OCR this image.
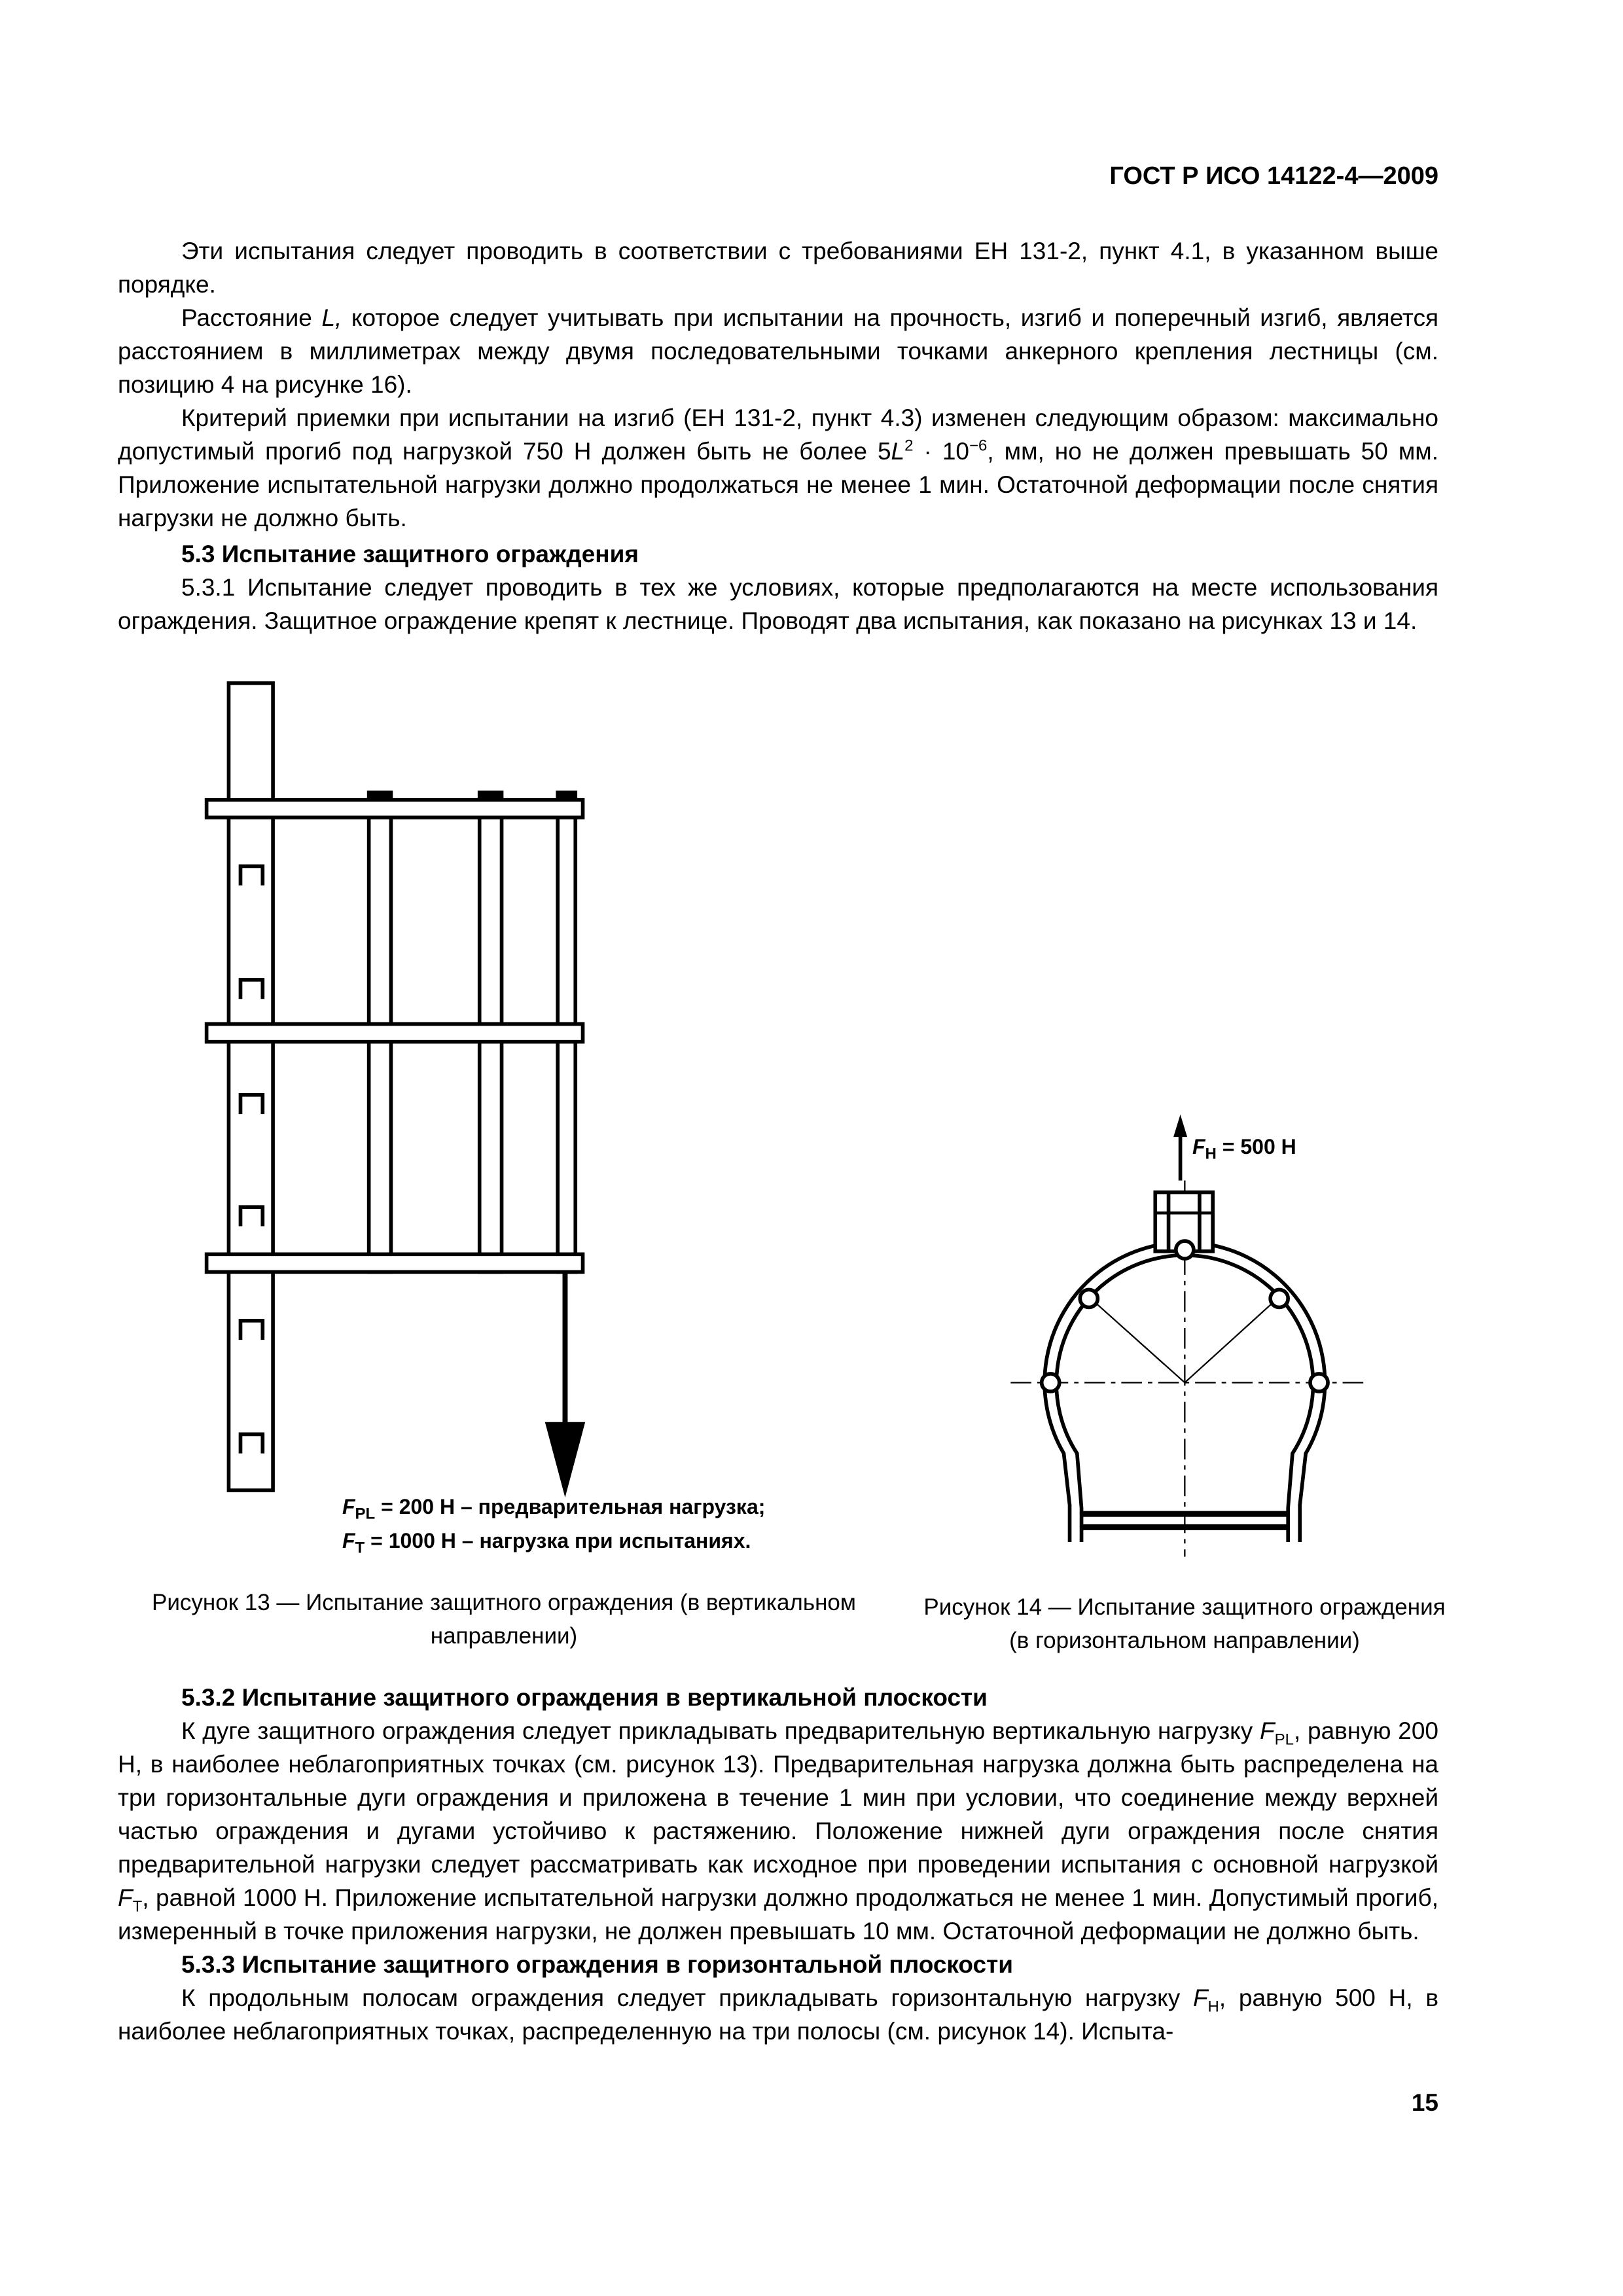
ГОСТ Р ИСО 14122-4—2009

Эти испытания следует проводить в соответствии с требованиями ЕН 131-2, пункт 4.1, в указанном выше порядке.

Расстояние L, которое следует учитывать при испытании на прочность, изгиб и поперечный изгиб, является расстоянием в миллиметрах между двумя последовательными точками анкерного крепления лестницы (см. позицию 4 на рисунке 16).

Критерий приемки при испытании на изгиб (ЕН 131-2, пункт 4.3) изменен следующим образом: максимально допустимый прогиб под нагрузкой 750 Н должен быть не более $5L^2 \cdot 10^{-6}$, мм, но не должен превышать 50 мм. Приложение испытательной нагрузки должно продолжаться не менее 1 мин. Остаточной деформации после снятия нагрузки не должно быть.

5.3 Испытание защитного ограждения

5.3.1 Испытание следует проводить в тех же условиях, которые предполагаются на месте использования ограждения. Защитное ограждение крепят к лестнице. Проводят два испытания, как показано на рисунках 13 и 14.

$F_H = 500$ Н
$F_{PL} = 200$ Н – предварительная нагрузка;
$F_T = 1000$ Н – нагрузка при испытаниях.
Рисунок 13 — Испытание защитного ограждения (в вертикальном направлении)
Рисунок 14 — Испытание защитного ограждения (в горизонтальном направлении)

5.3.2 Испытание защитного ограждения в вертикальной плоскости

К дуге защитного ограждения следует прикладывать предварительную вертикальную нагрузку $F_{PL}$, равную 200 Н, в наиболее неблагоприятных точках (см. рисунок 13). Предварительная нагрузка должна быть распределена на три горизонтальные дуги ограждения и приложена в течение 1 мин при условии, что соединение между верхней частью ограждения и дугами устойчиво к растяжению. Положение нижней дуги ограждения после снятия предварительной нагрузки следует рассматривать как исходное при проведении испытания с основной нагрузкой $F_T$, равной 1000 Н. Приложение испытательной нагрузки должно продолжаться не менее 1 мин. Допустимый прогиб, измеренный в точке приложения нагрузки, не должен превышать 10 мм. Остаточной деформации не должно быть.

5.3.3 Испытание защитного ограждения в горизонтальной плоскости

К продольным полосам ограждения следует прикладывать горизонтальную нагрузку $F_H$, равную 500 Н, в наиболее неблагоприятных точках, распределенную на три полосы (см. рисунок 14). Испыта-

15
